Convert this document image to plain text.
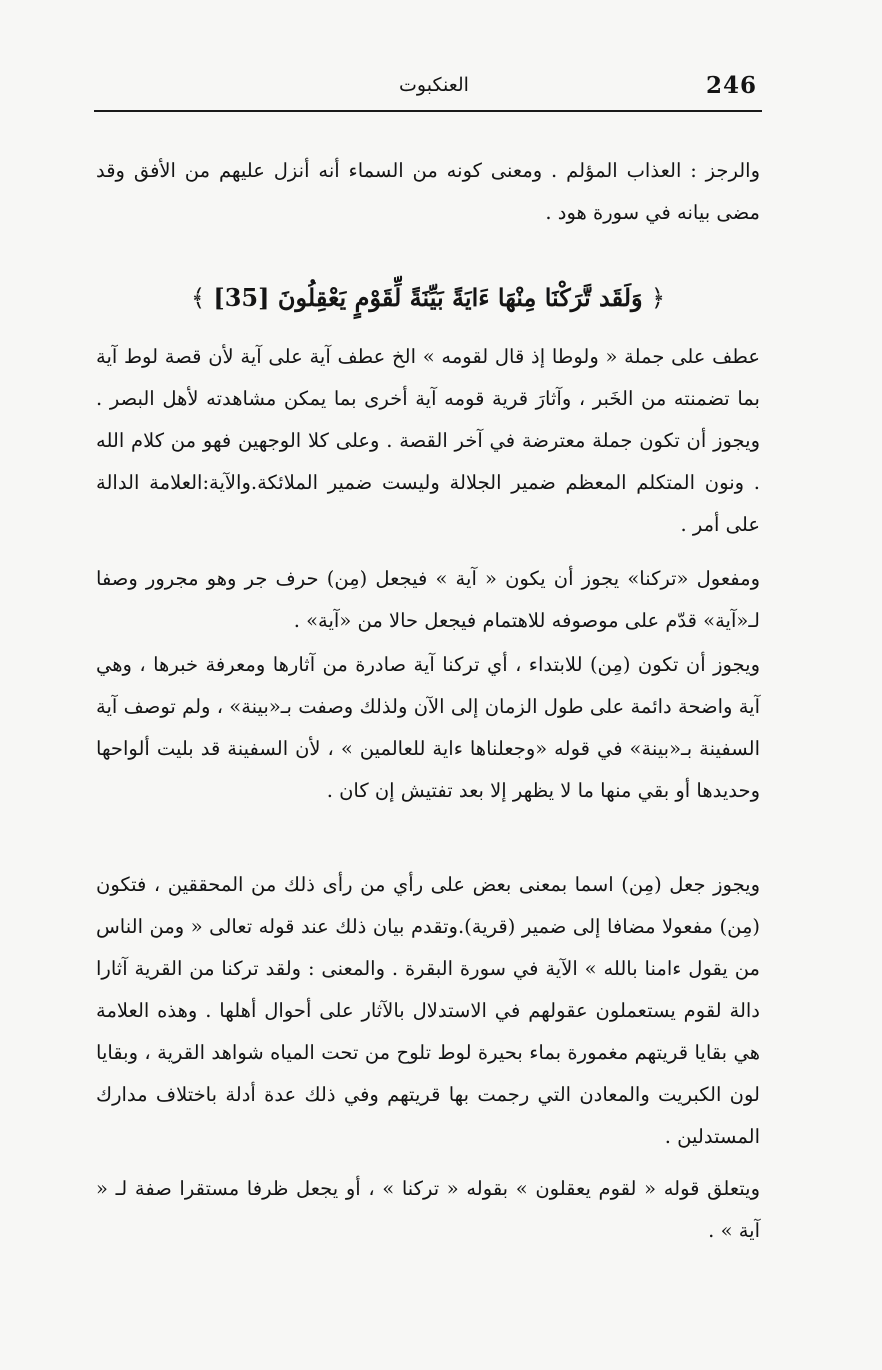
246
العنكبوت
والرجز : العذاب المؤلم . ومعنى كونه من السماء أنه أنزل عليهم من الأفق وقد مضى بيانه في سورة هود .
﴿ وَلَقَد تَّرَكْنَا مِنْهَا ءَايَةً بَيِّنَةً لِّقَوْمٍ يَعْقِلُونَ [35] ﴾
عطف على جملة « ولوطا إذ قال لقومه » الخ عطف آية على آية لأن قصة لوط آية بما تضمنته من الخَبر ، وآثارَ قرية قومه آية أخرى بما يمكن مشاهدته لأهل البصر . ويجوز أن تكون جملة معترضة في آخر القصة . وعلى كلا الوجهين فهو من كلام الله . ونون المتكلم المعظم ضمير الجلالة وليست ضمير الملائكة.والآية:العلامة الدالة على أمر .
ومفعول «تركنا» يجوز أن يكون « آية » فيجعل (مِن) حرف جر وهو مجرور وصفا لـ«آية» قدّم على موصوفه للاهتمام فيجعل حالا من «آية» .
ويجوز أن تكون (مِن) للابتداء ، أي تركنا آية صادرة من آثارها ومعرفة خبرها ، وهي آية واضحة دائمة على طول الزمان إلى الآن ولذلك وصفت بـ«بينة» ، ولم توصف آية السفينة بـ«بينة» في قوله «وجعلناها ءاية للعالمين » ، لأن السفينة قد بليت ألواحها وحديدها أو بقي منها ما لا يظهر إلا بعد تفتيش إن كان .
ويجوز جعل (مِن) اسما بمعنى بعض على رأي من رأى ذلك من المحققين ، فتكون (مِن) مفعولا مضافا إلى ضمير (قرية).وتقدم بيان ذلك عند قوله تعالى « ومن الناس من يقول ءامنا بالله » الآية في سورة البقرة . والمعنى : ولقد تركنا من القرية آثارا دالة لقوم يستعملون عقولهم في الاستدلال بالآثار على أحوال أهلها . وهذه العلامة هي بقايا قريتهم مغمورة بماء بحيرة لوط تلوح من تحت المياه شواهد القرية ، وبقايا لون الكبريت والمعادن التي رجمت بها قريتهم وفي ذلك عدة أدلة باختلاف مدارك المستدلين .
ويتعلق قوله « لقوم يعقلون » بقوله « تركنا » ، أو يجعل ظرفا مستقرا صفة لـ « آية » .
